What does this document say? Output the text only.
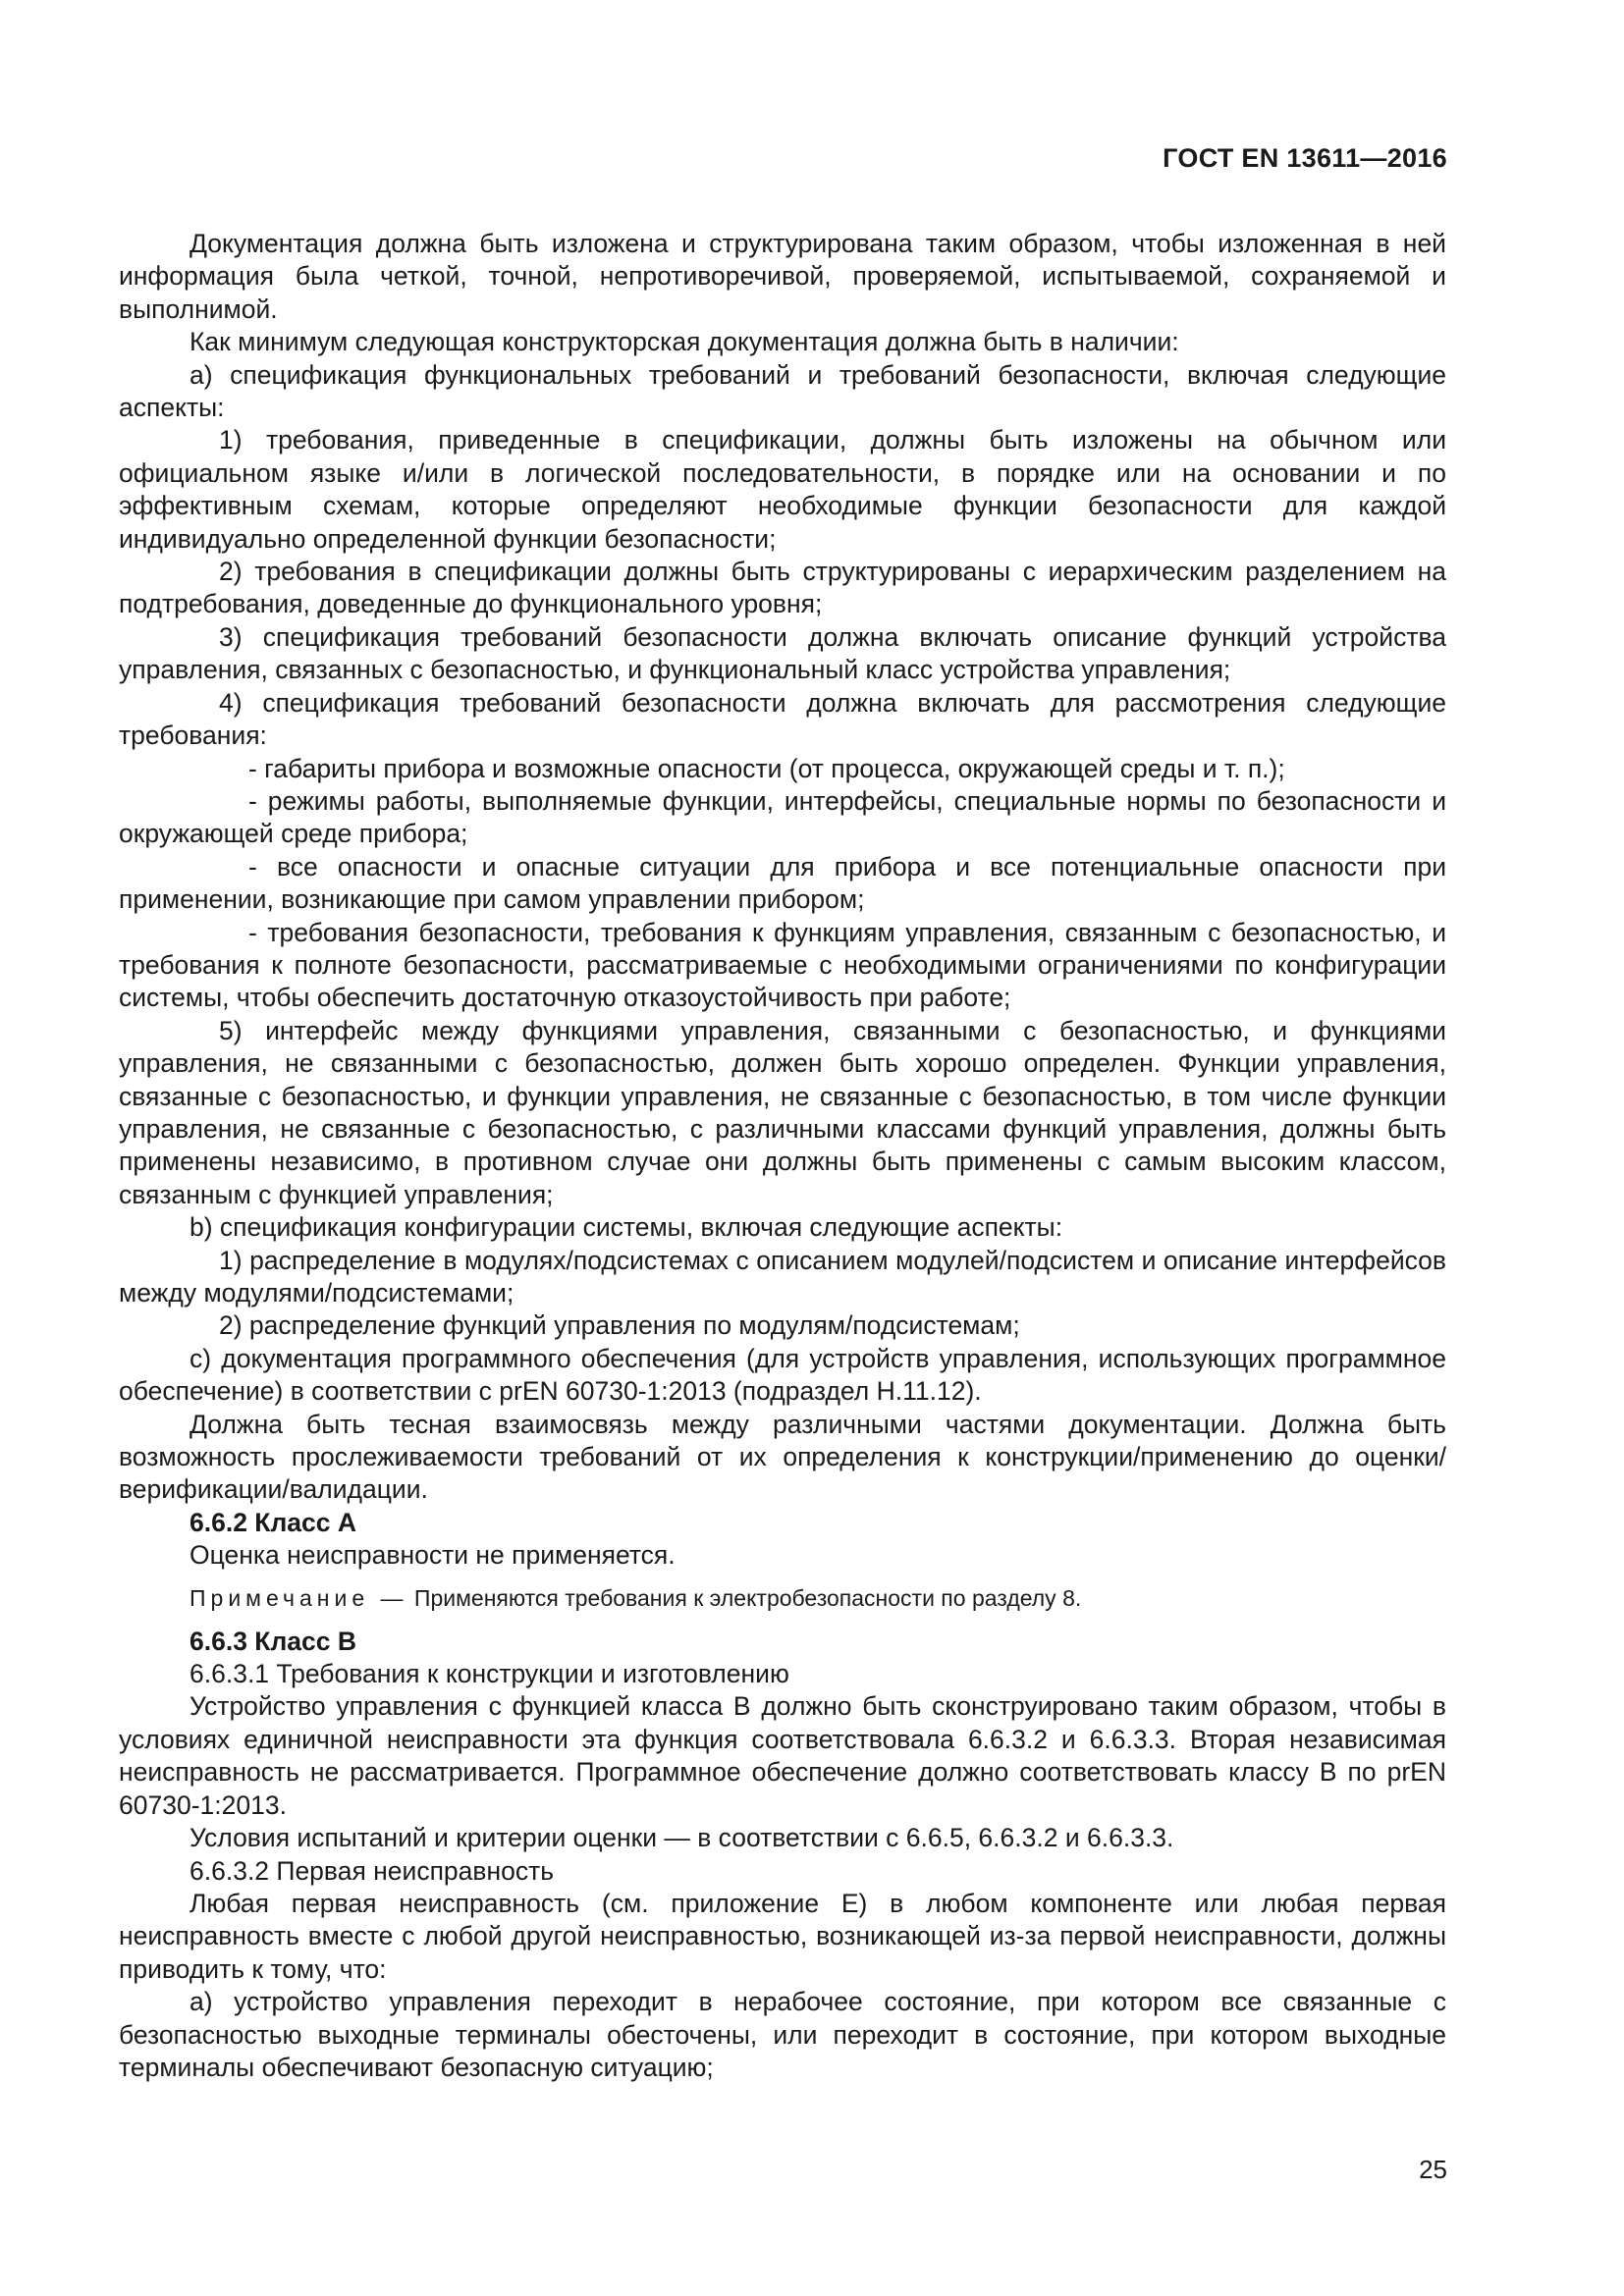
ГОСТ EN 13611—2016

Документация должна быть изложена и структурирована таким образом, чтобы изложенная в ней информация была четкой, точной, непротиворечивой, проверяемой, испытываемой, сохраняемой и выполнимой.

Как минимум следующая конструкторская документация должна быть в наличии:

a) спецификация функциональных требований и требований безопасности, включая следующие аспекты:

1) требования, приведенные в спецификации, должны быть изложены на обычном или официальном языке и/или в логической последовательности, в порядке или на основании и по эффективным схемам, которые определяют необходимые функции безопасности для каждой индивидуально определенной функции безопасности;

2) требования в спецификации должны быть структурированы с иерархическим разделением на подтребования, доведенные до функционального уровня;

3) спецификация требований безопасности должна включать описание функций устройства управления, связанных с безопасностью, и функциональный класс устройства управления;

4) спецификация требований безопасности должна включать для рассмотрения следующие требования:

- габариты прибора и возможные опасности (от процесса, окружающей среды и т. п.);

- режимы работы, выполняемые функции, интерфейсы, специальные нормы по безопасности и окружающей среде прибора;

- все опасности и опасные ситуации для прибора и все потенциальные опасности при применении, возникающие при самом управлении прибором;

- требования безопасности, требования к функциям управления, связанным с безопасностью, и требования к полноте безопасности, рассматриваемые с необходимыми ограничениями по конфигурации системы, чтобы обеспечить достаточную отказоустойчивость при работе;

5) интерфейс между функциями управления, связанными с безопасностью, и функциями управления, не связанными с безопасностью, должен быть хорошо определен. Функции управления, связанные с безопасностью, и функции управления, не связанные с безопасностью, в том числе функции управления, не связанные с безопасностью, с различными классами функций управления, должны быть применены независимо, в противном случае они должны быть применены с самым высоким классом, связанным с функцией управления;

b) спецификация конфигурации системы, включая следующие аспекты:

1) распределение в модулях/подсистемах с описанием модулей/подсистем и описание интерфейсов между модулями/подсистемами;

2) распределение функций управления по модулям/подсистемам;

c) документация программного обеспечения (для устройств управления, использующих программное обеспечение) в соответствии с prEN 60730-1:2013 (подраздел H.11.12).

Должна быть тесная взаимосвязь между различными частями документации. Должна быть возможность прослеживаемости требований от их определения к конструкции/применению до оценки/верификации/валидации.

6.6.2 Класс A

Оценка неисправности не применяется.

Примечание — Применяются требования к электробезопасности по разделу 8.

6.6.3 Класс B

6.6.3.1 Требования к конструкции и изготовлению

Устройство управления с функцией класса B должно быть сконструировано таким образом, чтобы в условиях единичной неисправности эта функция соответствовала 6.6.3.2 и 6.6.3.3. Вторая независимая неисправность не рассматривается. Программное обеспечение должно соответствовать классу B по prEN 60730-1:2013.

Условия испытаний и критерии оценки — в соответствии с 6.6.5, 6.6.3.2 и 6.6.3.3.

6.6.3.2 Первая неисправность

Любая первая неисправность (см. приложение E) в любом компоненте или любая первая неисправность вместе с любой другой неисправностью, возникающей из-за первой неисправности, должны приводить к тому, что:

a) устройство управления переходит в нерабочее состояние, при котором все связанные с безопасностью выходные терминалы обесточены, или переходит в состояние, при котором выходные терминалы обеспечивают безопасную ситуацию;

25
